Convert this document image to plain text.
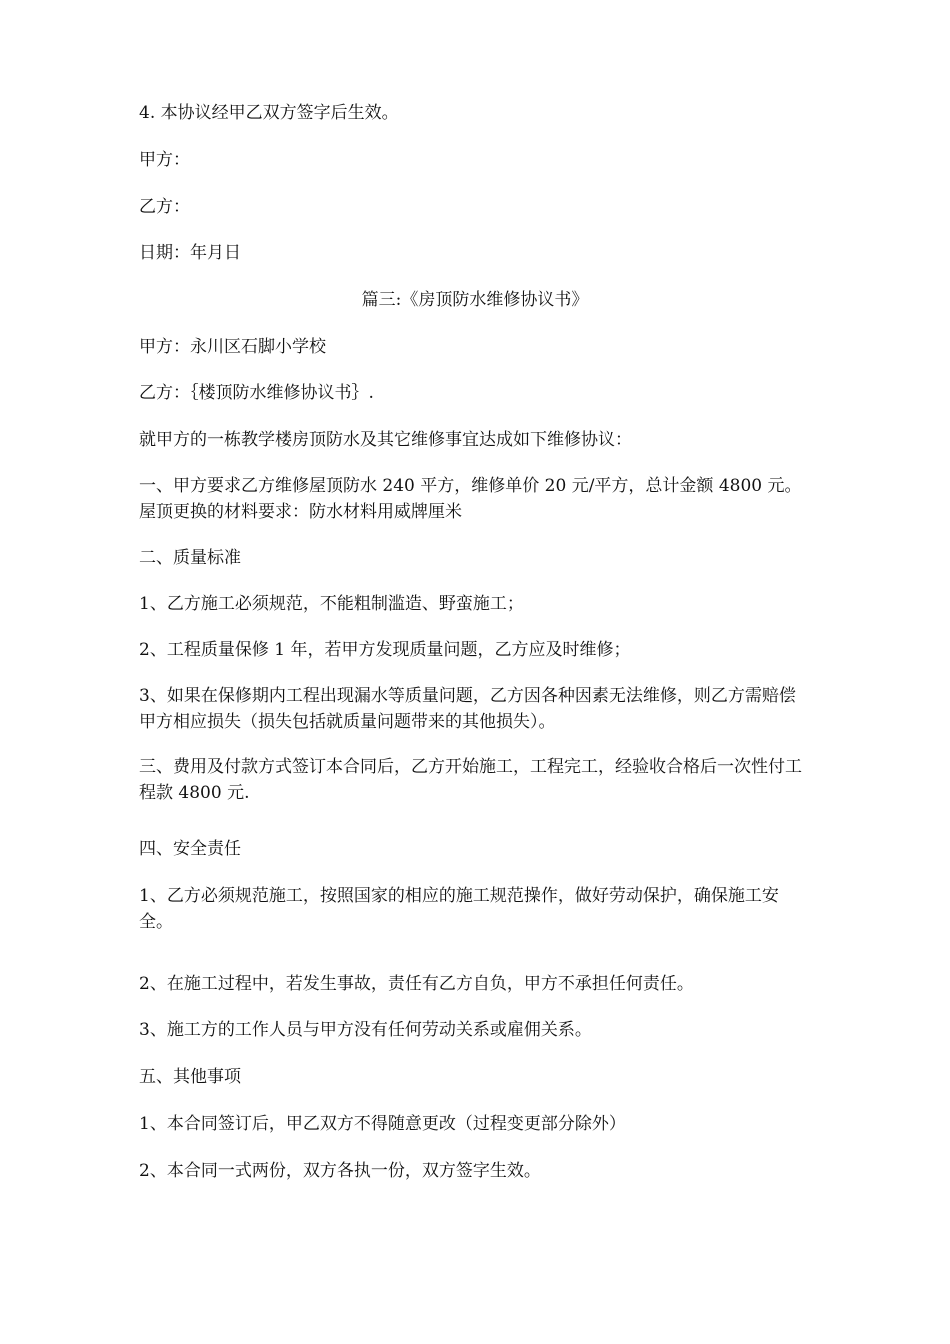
4. 本协议经甲乙双方签字后生效。
甲方：
乙方：
日期：年月日
篇三:《房顶防水维修协议书》
甲方：永川区石脚小学校
乙方：｛楼顶防水维修协议书｝.
就甲方的一栋教学楼房顶防水及其它维修事宜达成如下维修协议：
一、甲方要求乙方维修屋顶防水 240 平方，维修单价 20 元/平方，总计金额 4800 元。屋顶更换的材料要求：防水材料用威牌厘米
二、质量标准
1、乙方施工必须规范，不能粗制滥造、野蛮施工；
2、工程质量保修 1 年，若甲方发现质量问题，乙方应及时维修；
3、如果在保修期内工程出现漏水等质量问题，乙方因各种因素无法维修，则乙方需赔偿甲方相应损失（损失包括就质量问题带来的其他损失）。
三、费用及付款方式签订本合同后，乙方开始施工，工程完工，经验收合格后一次性付工程款 4800 元.
四、安全责任
1、乙方必须规范施工，按照国家的相应的施工规范操作，做好劳动保护，确保施工安全。
2、在施工过程中，若发生事故，责任有乙方自负，甲方不承担任何责任。
3、施工方的工作人员与甲方没有任何劳动关系或雇佣关系。
五、其他事项
1、本合同签订后，甲乙双方不得随意更改（过程变更部分除外）
2、本合同一式两份，双方各执一份，双方签字生效。
